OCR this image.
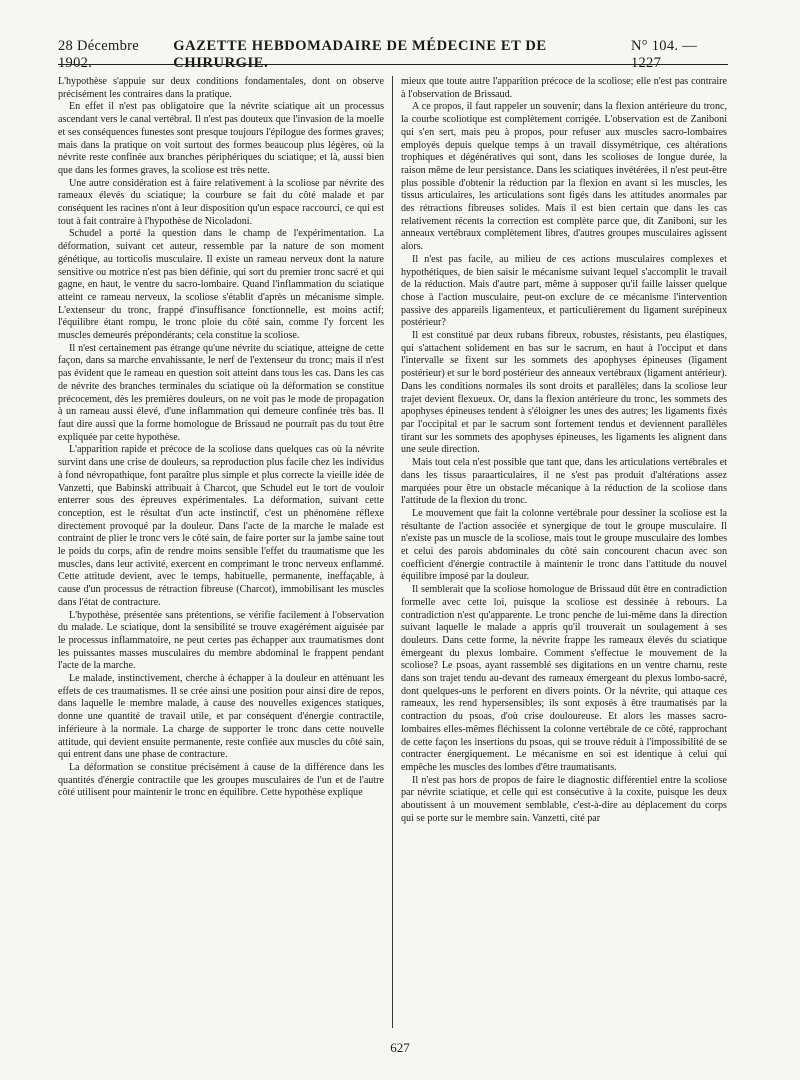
28 Décembre 1902.
GAZETTE HEBDOMADAIRE DE MÉDECINE ET DE CHIRURGIE.
N° 104. — 1227

L'hypothèse s'appuie sur deux conditions fondamentales, dont on observe précisément les contraires dans la pratique.

En effet il n'est pas obligatoire que la névrite sciatique ait un processus ascendant vers le canal vertébral. Il n'est pas douteux que l'invasion de la moelle et ses conséquences funestes sont presque toujours l'épilogue des formes graves; mais dans la pratique on voit surtout des formes beaucoup plus légères, où la névrite reste confinée aux branches périphériques du sciatique; et là, aussi bien que dans les formes graves, la scoliose est très nette.

Une autre considération est à faire relativement à la scoliose par névrite des rameaux élevés du sciatique; la courbure se fait du côté malade et par conséquent les racines n'ont à leur disposition qu'un espace raccourci, ce qui est tout à fait contraire à l'hypothèse de Nicoladoni.

Schudel a porté la question dans le champ de l'expérimentation. La déformation, suivant cet auteur, ressemble par la nature de son moment génétique, au torticolis musculaire. Il existe un rameau nerveux dont la nature sensitive ou motrice n'est pas bien définie, qui sort du premier tronc sacré et qui gagne, en haut, le ventre du sacro-lombaire. Quand l'inflammation du sciatique atteint ce rameau nerveux, la scoliose s'établit d'après un mécanisme simple. L'extenseur du tronc, frappé d'insuffisance fonctionnelle, est moins actif; l'équilibre étant rompu, le tronc ploie du côté sain, comme l'y forcent les muscles demeurés prépondérants; cela constitue la scoliose.

Il n'est certainement pas étrange qu'une névrite du sciatique, atteigne de cette façon, dans sa marche envahissante, le nerf de l'extenseur du tronc; mais il n'est pas évident que le rameau en question soit atteint dans tous les cas. Dans les cas de névrite des branches terminales du sciatique où la déformation se constitue précocement, dès les premières douleurs, on ne voit pas le mode de propagation à un rameau aussi élevé, d'une inflammation qui demeure confinée très bas. Il faut dire aussi que la forme homologue de Brissaud ne pourrait pas du tout être expliquée par cette hypothèse.

L'apparition rapide et précoce de la scoliose dans quelques cas où la névrite survint dans une crise de douleurs, sa reproduction plus facile chez les individus à fond névropathique, font paraître plus simple et plus correcte la vieille idée de Vanzetti, que Babinski attribuait à Charcot, que Schudel eut le tort de vouloir enterrer sous des épreuves expérimentales. La déformation, suivant cette conception, est le résultat d'un acte instinctif, c'est un phénomène réflexe directement provoqué par la douleur. Dans l'acte de la marche le malade est contraint de plier le tronc vers le côté sain, de faire porter sur la jambe saine tout le poids du corps, afin de rendre moins sensible l'effet du traumatisme que les muscles, dans leur activité, exercent en comprimant le tronc nerveux enflammé. Cette attitude devient, avec le temps, habituelle, permanente, ineffaçable, à cause d'un processus de rétraction fibreuse (Charcot), immobilisant les muscles dans l'état de contracture.

L'hypothèse, présentée sans prétentions, se vérifie facilement à l'observation du malade. Le sciatique, dont la sensibilité se trouve exagérément aiguisée par le processus inflammatoire, ne peut certes pas échapper aux traumatismes dont les puissantes masses musculaires du membre abdominal le frappent pendant l'acte de la marche.

Le malade, instinctivement, cherche à échapper à la douleur en atténuant les effets de ces traumatismes. Il se crée ainsi une position pour ainsi dire de repos, dans laquelle le membre malade, à cause des nouvelles exigences statiques, donne une quantité de travail utile, et par conséquent d'énergie contractile, inférieure à la normale. La charge de supporter le tronc dans cette nouvelle attitude, qui devient ensuite permanente, reste confiée aux muscles du côté sain, qui entrent dans une phase de contracture.

La déformation se constitue précisément à cause de la différence dans les quantités d'énergie contractile que les groupes musculaires de l'un et de l'autre côté utilisent pour maintenir le tronc en équilibre. Cette hypothèse explique

mieux que toute autre l'apparition précoce de la scoliose; elle n'est pas contraire à l'observation de Brissaud.

A ce propos, il faut rappeler un souvenir; dans la flexion antérieure du tronc, la courbe scoliotique est complètement corrigée. L'observation est de Zaniboni qui s'en sert, mais peu à propos, pour refuser aux muscles sacro-lombaires employés depuis quelque temps à un travail dissymétrique, ces altérations trophiques et dégénératives qui sont, dans les scolioses de longue durée, la raison même de leur persistance. Dans les sciatiques invétérées, il n'est peut-être plus possible d'obtenir la réduction par la flexion en avant si les muscles, les tissus articulaires, les articulations sont figés dans les attitudes anormales par des rétractions fibreuses solides. Mais il est bien certain que dans les cas relativement récents la correction est complète parce que, dit Zaniboni, sur les anneaux vertébraux complètement libres, d'autres groupes musculaires agissent alors.

Il n'est pas facile, au milieu de ces actions musculaires complexes et hypothétiques, de bien saisir le mécanisme suivant lequel s'accomplit le travail de la réduction. Mais d'autre part, même à supposer qu'il faille laisser quelque chose à l'action musculaire, peut-on exclure de ce mécanisme l'intervention passive des appareils ligamenteux, et particulièrement du ligament surépineux postérieur?

Il est constitué par deux rubans fibreux, robustes, résistants, peu élastiques, qui s'attachent solidement en bas sur le sacrum, en haut à l'occiput et dans l'intervalle se fixent sur les sommets des apophyses épineuses (ligament postérieur) et sur le bord postérieur des anneaux vertébraux (ligament antérieur). Dans les conditions normales ils sont droits et parallèles; dans la scoliose leur trajet devient flexueux. Or, dans la flexion antérieure du tronc, les sommets des apophyses épineuses tendent à s'éloigner les unes des autres; les ligaments fixés par l'occipital et par le sacrum sont fortement tendus et deviennent parallèles tirant sur les sommets des apophyses épineuses, les ligaments les alignent dans une seule direction.

Mais tout cela n'est possible que tant que, dans les articulations vertébrales et dans les tissus paraarticulaires, il ne s'est pas produit d'altérations assez marquées pour être un obstacle mécanique à la réduction de la scoliose dans l'attitude de la flexion du tronc.

Le mouvement que fait la colonne vertébrale pour dessiner la scoliose est la résultante de l'action associée et synergique de tout le groupe musculaire. Il n'existe pas un muscle de la scoliose, mais tout le groupe musculaire des lombes et celui des parois abdominales du côté sain concourent chacun avec son coefficient d'énergie contractile à maintenir le tronc dans l'attitude du nouvel équilibre imposé par la douleur.

Il semblerait que la scoliose homologue de Brissaud dût être en contradiction formelle avec cette loi, puisque la scoliose est dessinée à rebours. La contradiction n'est qu'apparente. Le tronc penche de lui-même dans la direction suivant laquelle le malade a appris qu'il trouverait un soulagement à ses douleurs. Dans cette forme, la névrite frappe les rameaux élevés du sciatique émergeant du plexus lombaire. Comment s'effectue le mouvement de la scoliose? Le psoas, ayant rassemblé ses digitations en un ventre charnu, reste dans son trajet tendu au-devant des rameaux émergeant du plexus lombo-sacré, dont quelques-uns le perforent en divers points. Or la névrite, qui attaque ces rameaux, les rend hypersensibles; ils sont exposés à être traumatisés par la contraction du psoas, d'où crise douloureuse. Et alors les masses sacro-lombaires elles-mêmes fléchissent la colonne vertébrale de ce côté, rapprochant de cette façon les insertions du psoas, qui se trouve réduit à l'impossibilité de se contracter énergiquement. Le mécanisme en soi est identique à celui qui empêche les muscles des lombes d'être traumatisants.

Il n'est pas hors de propos de faire le diagnostic différentiel entre la scoliose par névrite sciatique, et celle qui est consécutive à la coxite, puisque les deux aboutissent à un mouvement semblable, c'est-à-dire au déplacement du corps qui se porte sur le membre sain. Vanzetti, cité par

627
